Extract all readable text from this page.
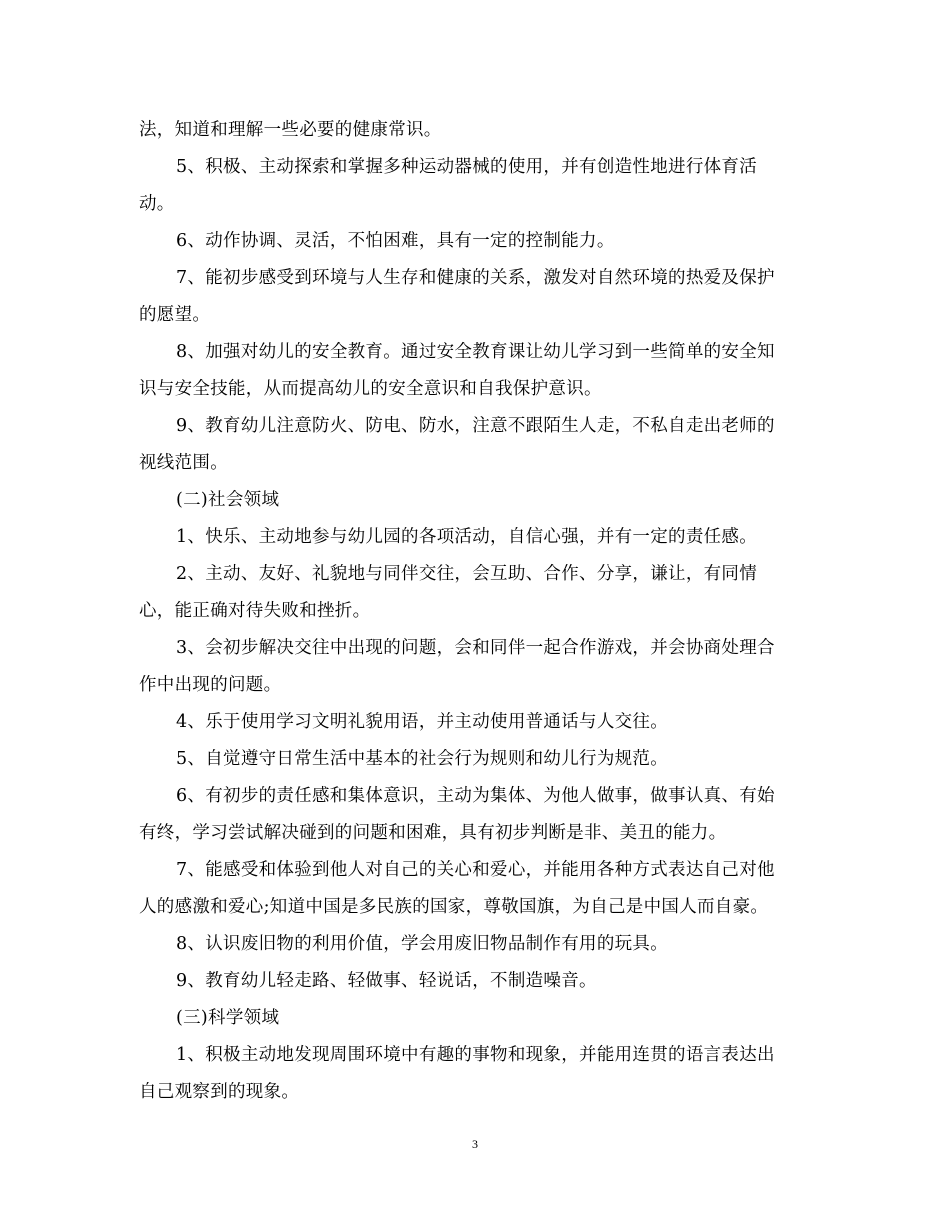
法，知道和理解一些必要的健康常识。
5、积极、主动探索和掌握多种运动器械的使用，并有创造性地进行体育活
动。
6、动作协调、灵活，不怕困难，具有一定的控制能力。
7、能初步感受到环境与人生存和健康的关系，激发对自然环境的热爱及保护
的愿望。
8、加强对幼儿的安全教育。通过安全教育课让幼儿学习到一些简单的安全知
识与安全技能，从而提高幼儿的安全意识和自我保护意识。
9、教育幼儿注意防火、防电、防水，注意不跟陌生人走，不私自走出老师的
视线范围。
(二)社会领域
1、快乐、主动地参与幼儿园的各项活动，自信心强，并有一定的责任感。
2、主动、友好、礼貌地与同伴交往，会互助、合作、分享，谦让，有同情
心，能正确对待失败和挫折。
3、会初步解决交往中出现的问题，会和同伴一起合作游戏，并会协商处理合
作中出现的问题。
4、乐于使用学习文明礼貌用语，并主动使用普通话与人交往。
5、自觉遵守日常生活中基本的社会行为规则和幼儿行为规范。
6、有初步的责任感和集体意识，主动为集体、为他人做事，做事认真、有始
有终，学习尝试解决碰到的问题和困难，具有初步判断是非、美丑的能力。
7、能感受和体验到他人对自己的关心和爱心，并能用各种方式表达自己对他
人的感激和爱心;知道中国是多民族的国家，尊敬国旗，为自己是中国人而自豪。
8、认识废旧物的利用价值，学会用废旧物品制作有用的玩具。
9、教育幼儿轻走路、轻做事、轻说话，不制造噪音。
(三)科学领域
1、积极主动地发现周围环境中有趣的事物和现象，并能用连贯的语言表达出
自己观察到的现象。
3
